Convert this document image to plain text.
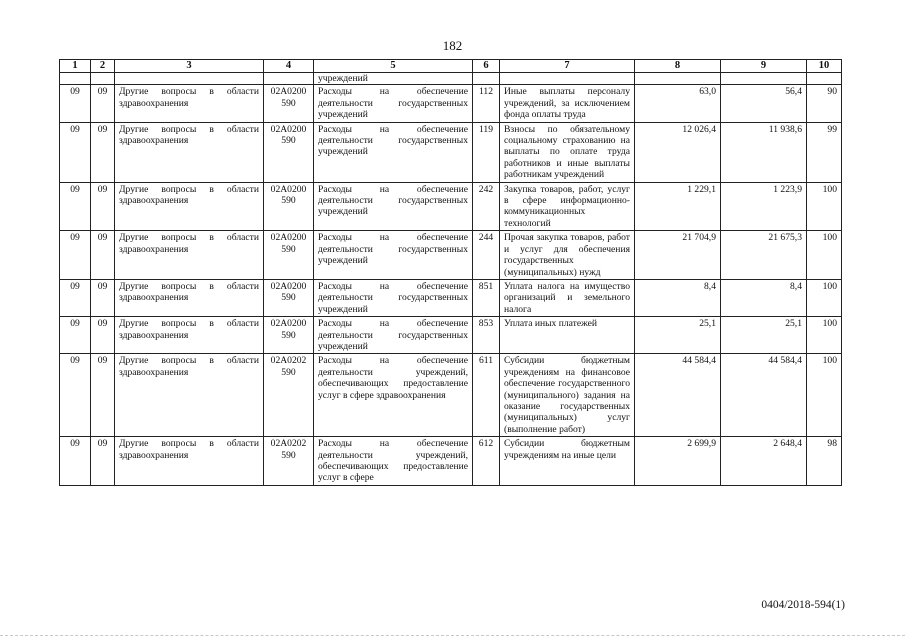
182
1	2	3	4	5	6	7	8	9	10
				учреждений					
09	09	Другие вопросы в области здравоохранения	02А0200 590	Расходы на обеспечение деятельности государственных учреждений	112	Иные выплаты персоналу учреждений, за исключением фонда оплаты труда	63,0	56,4	90
09	09	Другие вопросы в области здравоохранения	02А0200 590	Расходы на обеспечение деятельности государственных учреждений	119	Взносы по обязательному социальному страхованию на выплаты по оплате труда работников и иные выплаты работникам учреждений	12 026,4	11 938,6	99
09	09	Другие вопросы в области здравоохранения	02А0200 590	Расходы на обеспечение деятельности государственных учреждений	242	Закупка товаров, работ, услуг в сфере информационно-коммуникационных технологий	1 229,1	1 223,9	100
09	09	Другие вопросы в области здравоохранения	02А0200 590	Расходы на обеспечение деятельности государственных учреждений	244	Прочая закупка товаров, работ и услуг для обеспечения государственных (муниципальных) нужд	21 704,9	21 675,3	100
09	09	Другие вопросы в области здравоохранения	02А0200 590	Расходы на обеспечение деятельности государственных учреждений	851	Уплата налога на имущество организаций и земельного налога	8,4	8,4	100
09	09	Другие вопросы в области здравоохранения	02А0200 590	Расходы на обеспечение деятельности государственных учреждений	853	Уплата иных платежей	25,1	25,1	100
09	09	Другие вопросы в области здравоохранения	02А0202 590	Расходы на обеспечение деятельности учреждений, обеспечивающих предоставление услуг в сфере здравоохранения	611	Субсидии бюджетным учреждениям на финансовое обеспечение государственного (муниципального) задания на оказание государственных (муниципальных) услуг (выполнение работ)	44 584,4	44 584,4	100
09	09	Другие вопросы в области здравоохранения	02А0202 590	Расходы на обеспечение деятельности учреждений, обеспечивающих предоставление услуг в сфере	612	Субсидии бюджетным учреждениям на иные цели	2 699,9	2 648,4	98
0404/2018-594(1)
